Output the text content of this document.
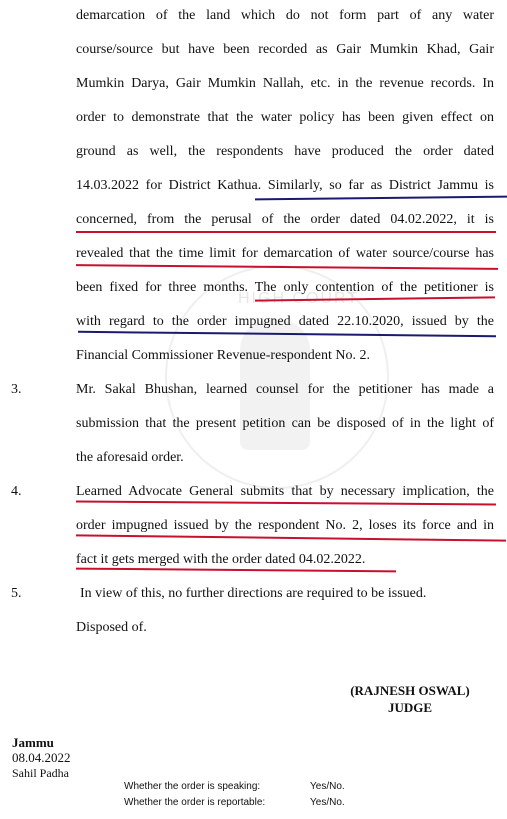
HIGH COURT
demarcation of the land which do not form part of any water
course/source but have been recorded as Gair Mumkin Khad, Gair
Mumkin Darya, Gair Mumkin Nallah, etc. in the revenue records. In
order to demonstrate that the water policy has been given effect on
ground as well, the respondents have produced the order dated
14.03.2022 for District Kathua. Similarly, so far as District Jammu is
concerned, from the perusal of the order dated 04.02.2022, it is
revealed that the time limit for demarcation of water source/course has
been fixed for three months. The only contention of the petitioner is
with regard to the order impugned dated 22.10.2020, issued by the
Financial Commissioner Revenue-respondent No. 2.
3.	Mr. Sakal Bhushan, learned counsel for the petitioner has made a
submission that the present petition can be disposed of in the light of
the aforesaid order.
4.	Learned Advocate General submits that by necessary implication, the
order impugned issued by the respondent No. 2, loses its force and in
fact it gets merged with the order dated 04.02.2022.
5.	In view of this, no further directions are required to be issued.
Disposed of.
(RAJNESH OSWAL)
JUDGE
Jammu
08.04.2022
Sahil Padha
Whether the order is speaking:	Yes/No.
Whether the order is reportable:	Yes/No.
